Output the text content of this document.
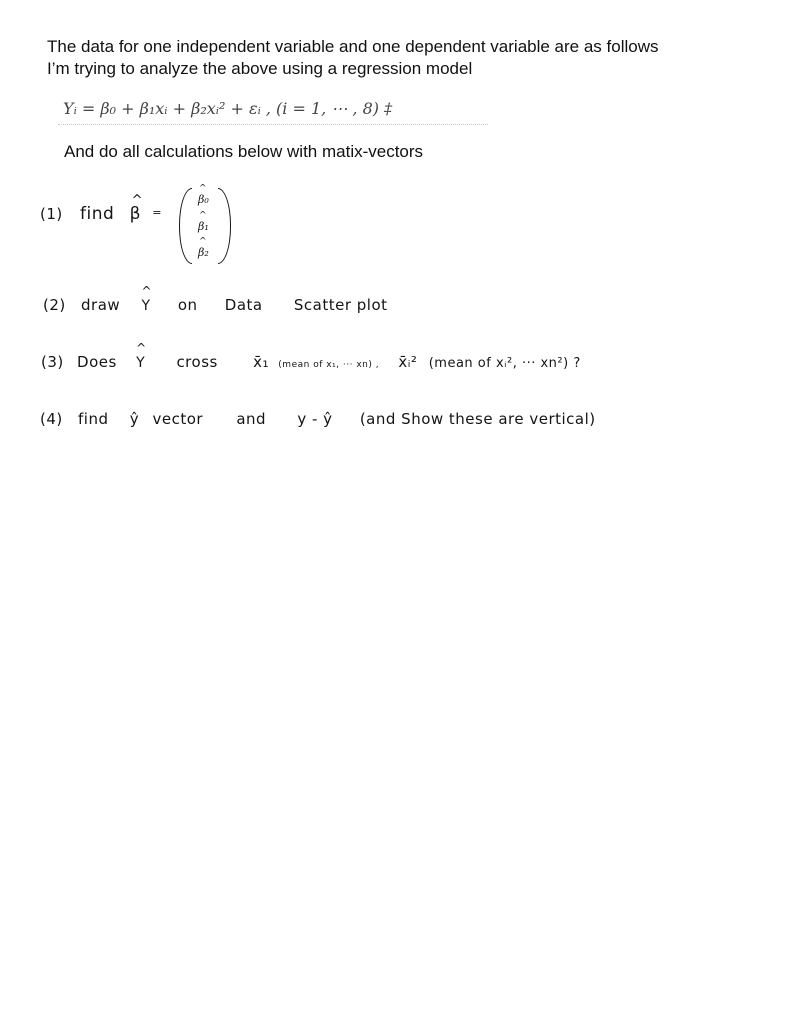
The data for one independent variable and one dependent variable are as follows
I’m trying to analyze the above using a regression model
Yᵢ = β₀ + β₁xᵢ + β₂xᵢ² + εᵢ , (i = 1, ⋯ , 8) ‡
And do all calculations below with matix-vectors
(1) find
^
β =
^
β₀
^
β₁
^
β₂
(2) draw
^
Y on Data Scatter plot
(3) Does
^
Y cross x̄₁ (mean of x₁, ··· xn) , x̄ᵢ² (mean of xᵢ², ··· xn²) ?
(4) find ŷ vector and y - ŷ (and Show these are vertical)
